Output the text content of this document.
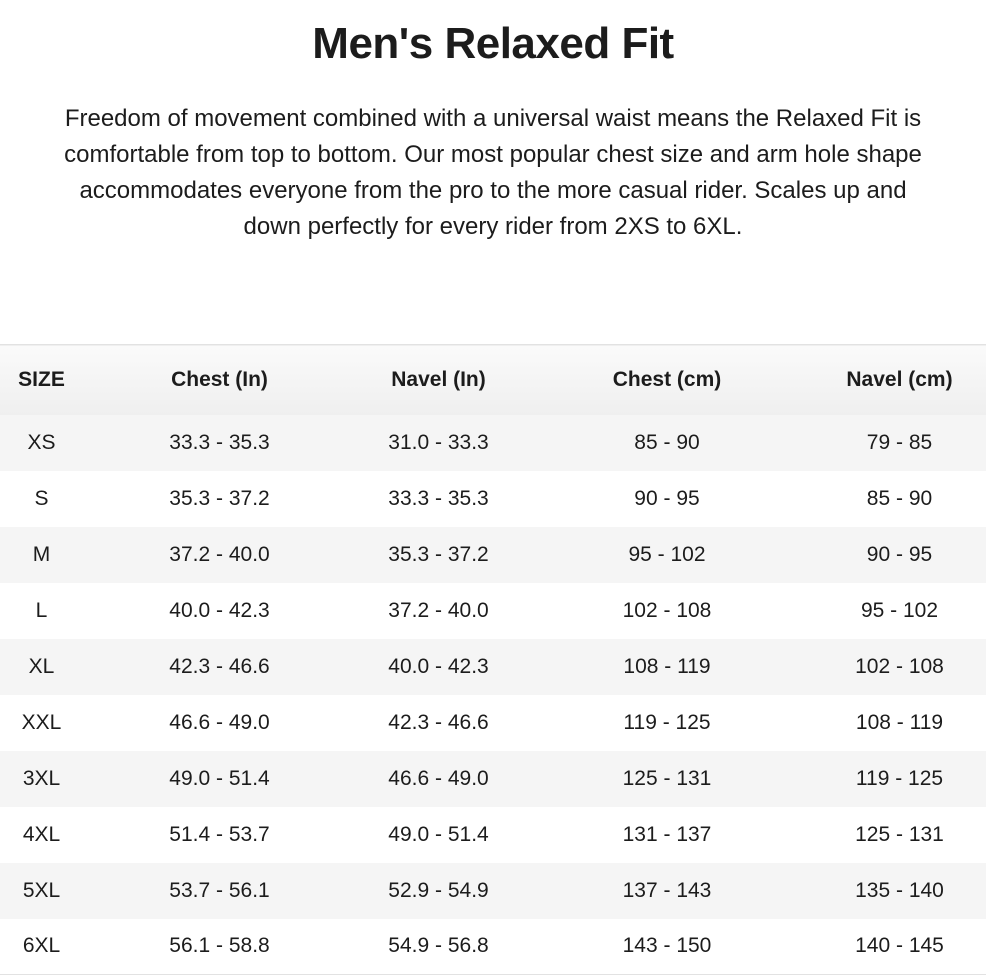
Men's Relaxed Fit

Freedom of movement combined with a universal waist means the Relaxed Fit is comfortable from top to bottom. Our most popular chest size and arm hole shape accommodates everyone from the pro to the more casual rider. Scales up and down perfectly for every rider from 2XS to 6XL.

SIZE	Chest (In)	Navel (In)	Chest (cm)	Navel (cm)
XS	33.3 - 35.3	31.0 - 33.3	85 - 90	79 - 85
S	35.3 - 37.2	33.3 - 35.3	90 - 95	85 - 90
M	37.2 - 40.0	35.3 - 37.2	95 - 102	90 - 95
L	40.0 - 42.3	37.2 - 40.0	102 - 108	95 - 102
XL	42.3 - 46.6	40.0 - 42.3	108 - 119	102 - 108
XXL	46.6 - 49.0	42.3 - 46.6	119 - 125	108 - 119
3XL	49.0 - 51.4	46.6 - 49.0	125 - 131	119 - 125
4XL	51.4 - 53.7	49.0 - 51.4	131 - 137	125 - 131
5XL	53.7 - 56.1	52.9 - 54.9	137 - 143	135 - 140
6XL	56.1 - 58.8	54.9 - 56.8	143 - 150	140 - 145
